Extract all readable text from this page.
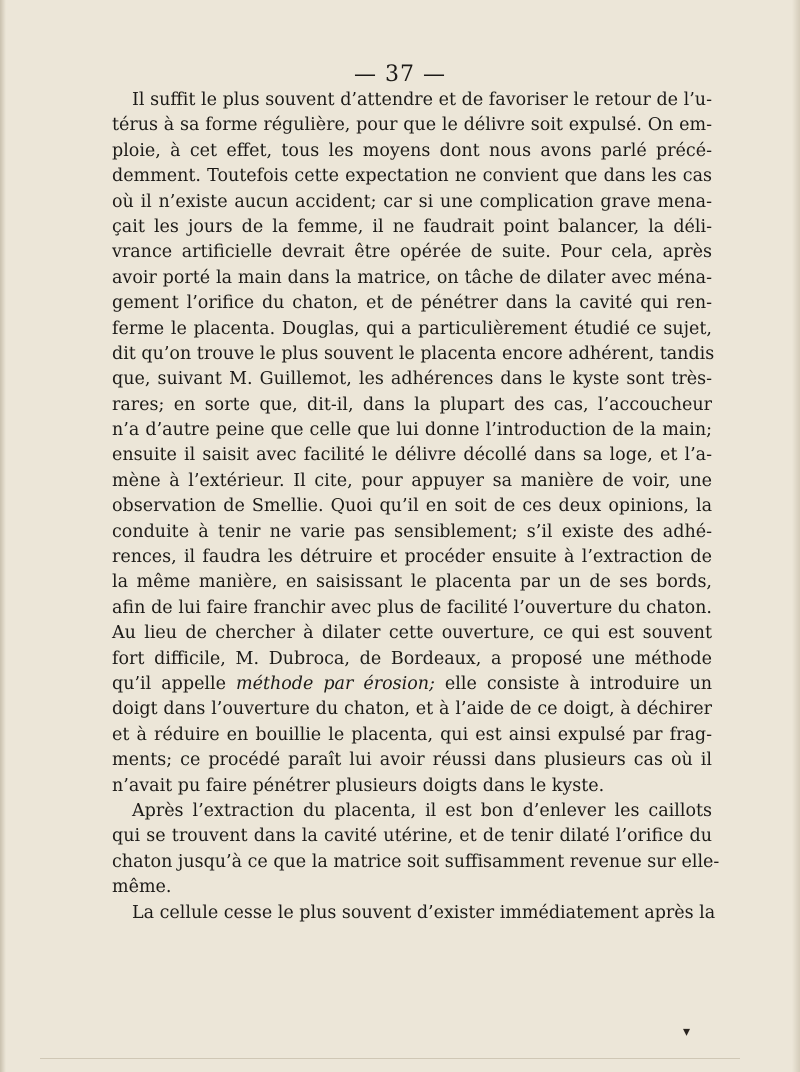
— 37 —
Il suffit le plus souvent d’attendre et de favoriser le retour de l’u-
térus à sa forme régulière, pour que le délivre soit expulsé. On em-
ploie, à cet effet, tous les moyens dont nous avons parlé précé-
demment. Toutefois cette expectation ne convient que dans les cas
où il n’existe aucun accident; car si une complication grave mena-
çait les jours de la femme, il ne faudrait point balancer, la déli-
vrance artificielle devrait être opérée de suite. Pour cela, après
avoir porté la main dans la matrice, on tâche de dilater avec ména-
gement l’orifice du chaton, et de pénétrer dans la cavité qui ren-
ferme le placenta. Douglas, qui a particulièrement étudié ce sujet,
dit qu’on trouve le plus souvent le placenta encore adhérent, tandis
que, suivant M. Guillemot, les adhérences dans le kyste sont très-
rares; en sorte que, dit-il, dans la plupart des cas, l’accoucheur
n’a d’autre peine que celle que lui donne l’introduction de la main;
ensuite il saisit avec facilité le délivre décollé dans sa loge, et l’a-
mène à l’extérieur. Il cite, pour appuyer sa manière de voir, une
observation de Smellie. Quoi qu’il en soit de ces deux opinions, la
conduite à tenir ne varie pas sensiblement; s’il existe des adhé-
rences, il faudra les détruire et procéder ensuite à l’extraction de
la même manière, en saisissant le placenta par un de ses bords,
afin de lui faire franchir avec plus de facilité l’ouverture du chaton.
Au lieu de chercher à dilater cette ouverture, ce qui est souvent
fort difficile, M. Dubroca, de Bordeaux, a proposé une méthode
qu’il appelle méthode par érosion; elle consiste à introduire un
doigt dans l’ouverture du chaton, et à l’aide de ce doigt, à déchirer
et à réduire en bouillie le placenta, qui est ainsi expulsé par frag-
ments; ce procédé paraît lui avoir réussi dans plusieurs cas où il
n’avait pu faire pénétrer plusieurs doigts dans le kyste.
Après l’extraction du placenta, il est bon d’enlever les caillots
qui se trouvent dans la cavité utérine, et de tenir dilaté l’orifice du
chaton jusqu’à ce que la matrice soit suffisamment revenue sur elle-
même.
La cellule cesse le plus souvent d’exister immédiatement après la
▾
